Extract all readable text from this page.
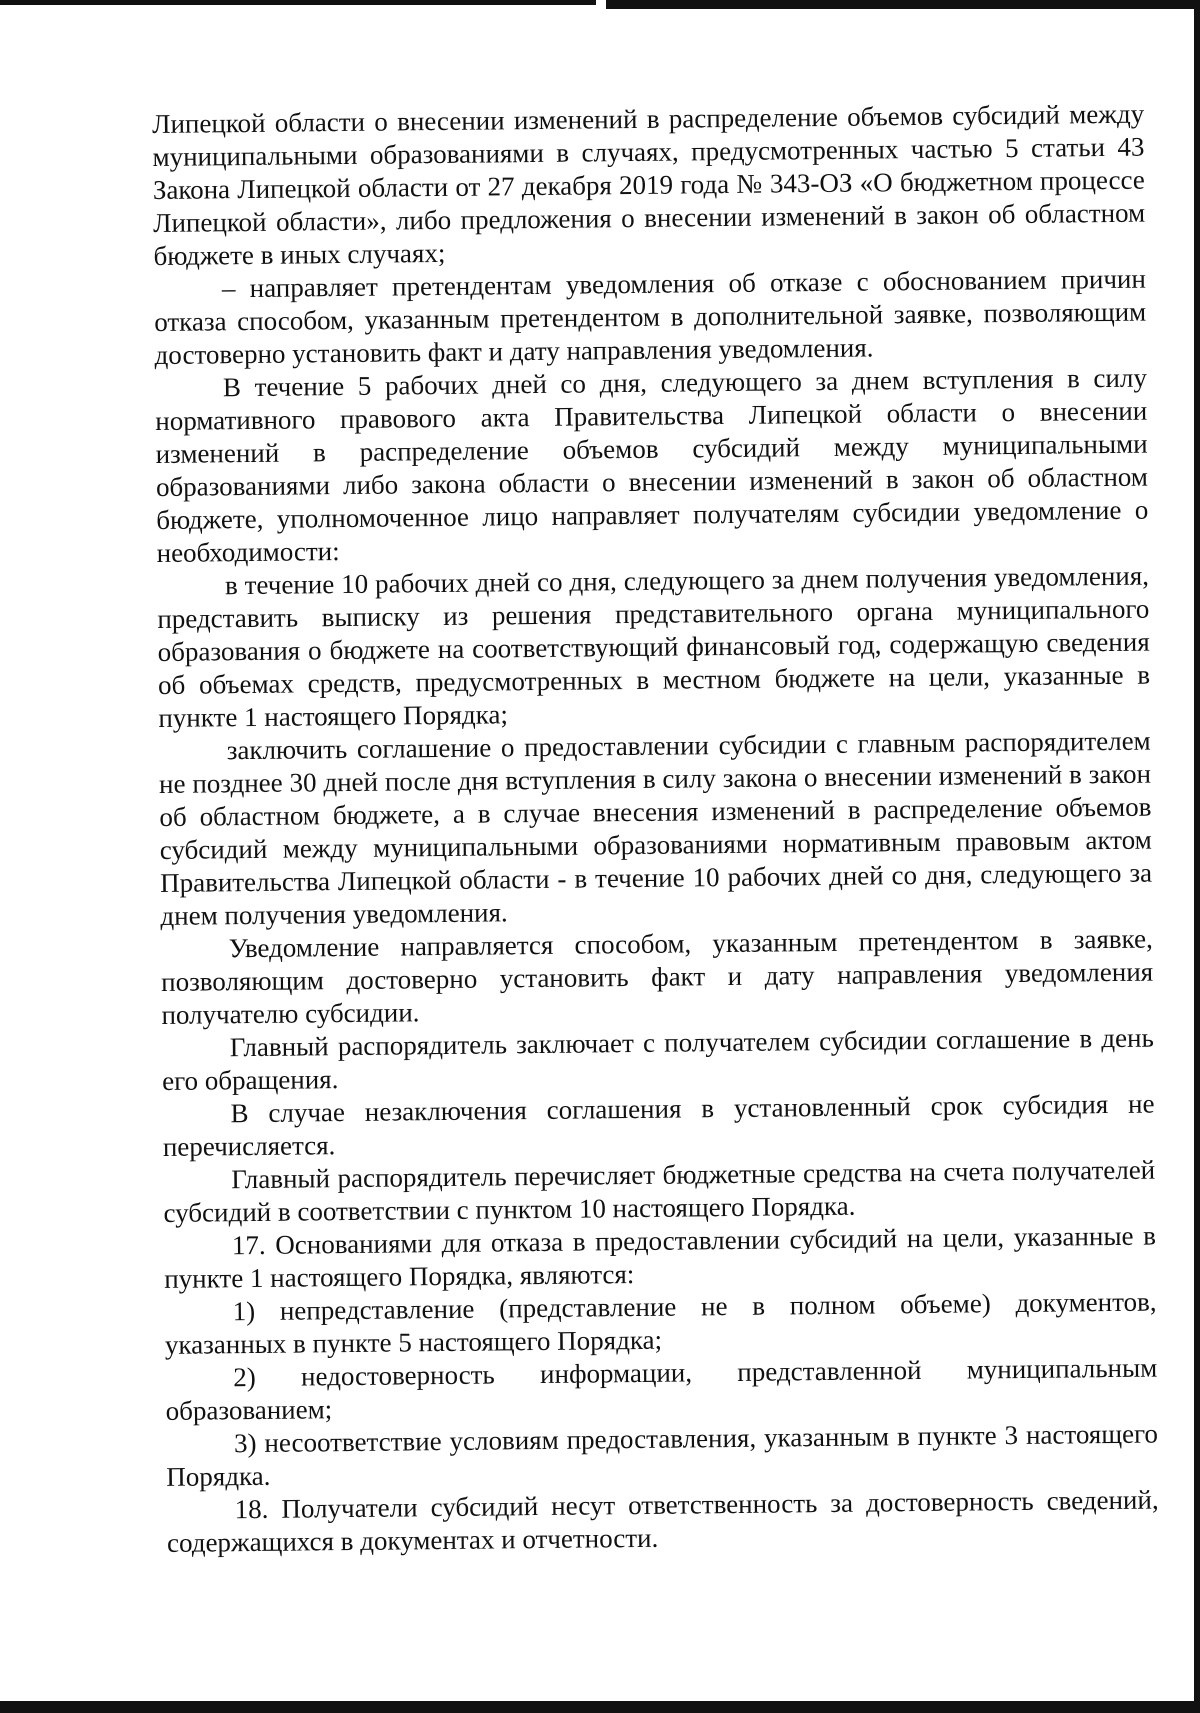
Липецкой области о внесении изменений в распределение объемов субсидий между муниципальными образованиями в случаях, предусмотренных частью 5 статьи 43 Закона Липецкой области от 27 декабря 2019 года № 343-ОЗ «О бюджетном процессе Липецкой области», либо предложения о внесении изменений в закон об областном бюджете в иных случаях;

– направляет претендентам уведомления об отказе с обоснованием причин отказа способом, указанным претендентом в дополнительной заявке, позволяющим достоверно установить факт и дату направления уведомления.

В течение 5 рабочих дней со дня, следующего за днем вступления в силу нормативного правового акта Правительства Липецкой области о внесении изменений в распределение объемов субсидий между муниципальными образованиями либо закона области о внесении изменений в закон об областном бюджете, уполномоченное лицо направляет получателям субсидии уведомление о необходимости:

в течение 10 рабочих дней со дня, следующего за днем получения уведомления, представить выписку из решения представительного органа муниципального образования о бюджете на соответствующий финансовый год, содержащую сведения об объемах средств, предусмотренных в местном бюджете на цели, указанные в пункте 1 настоящего Порядка;

заключить соглашение о предоставлении субсидии с главным распорядителем не позднее 30 дней после дня вступления в силу закона о внесении изменений в закон об областном бюджете, а в случае внесения изменений в распределение объемов субсидий между муниципальными образованиями нормативным правовым актом Правительства Липецкой области - в течение 10 рабочих дней со дня, следующего за днем получения уведомления.

Уведомление направляется способом, указанным претендентом в заявке, позволяющим достоверно установить факт и дату направления уведомления получателю субсидии.

Главный распорядитель заключает с получателем субсидии соглашение в день его обращения.

В случае незаключения соглашения в установленный срок субсидия не перечисляется.

Главный распорядитель перечисляет бюджетные средства на счета получателей субсидий в соответствии с пунктом 10 настоящего Порядка.

17. Основаниями для отказа в предоставлении субсидий на цели, указанные в пункте 1 настоящего Порядка, являются:

1) непредставление (представление не в полном объеме) документов, указанных в пункте 5 настоящего Порядка;

2) недостоверность информации, представленной муниципальным образованием;

3) несоответствие условиям предоставления, указанным в пункте 3 настоящего Порядка.

18. Получатели субсидий несут ответственность за достоверность сведений, содержащихся в документах и отчетности.
